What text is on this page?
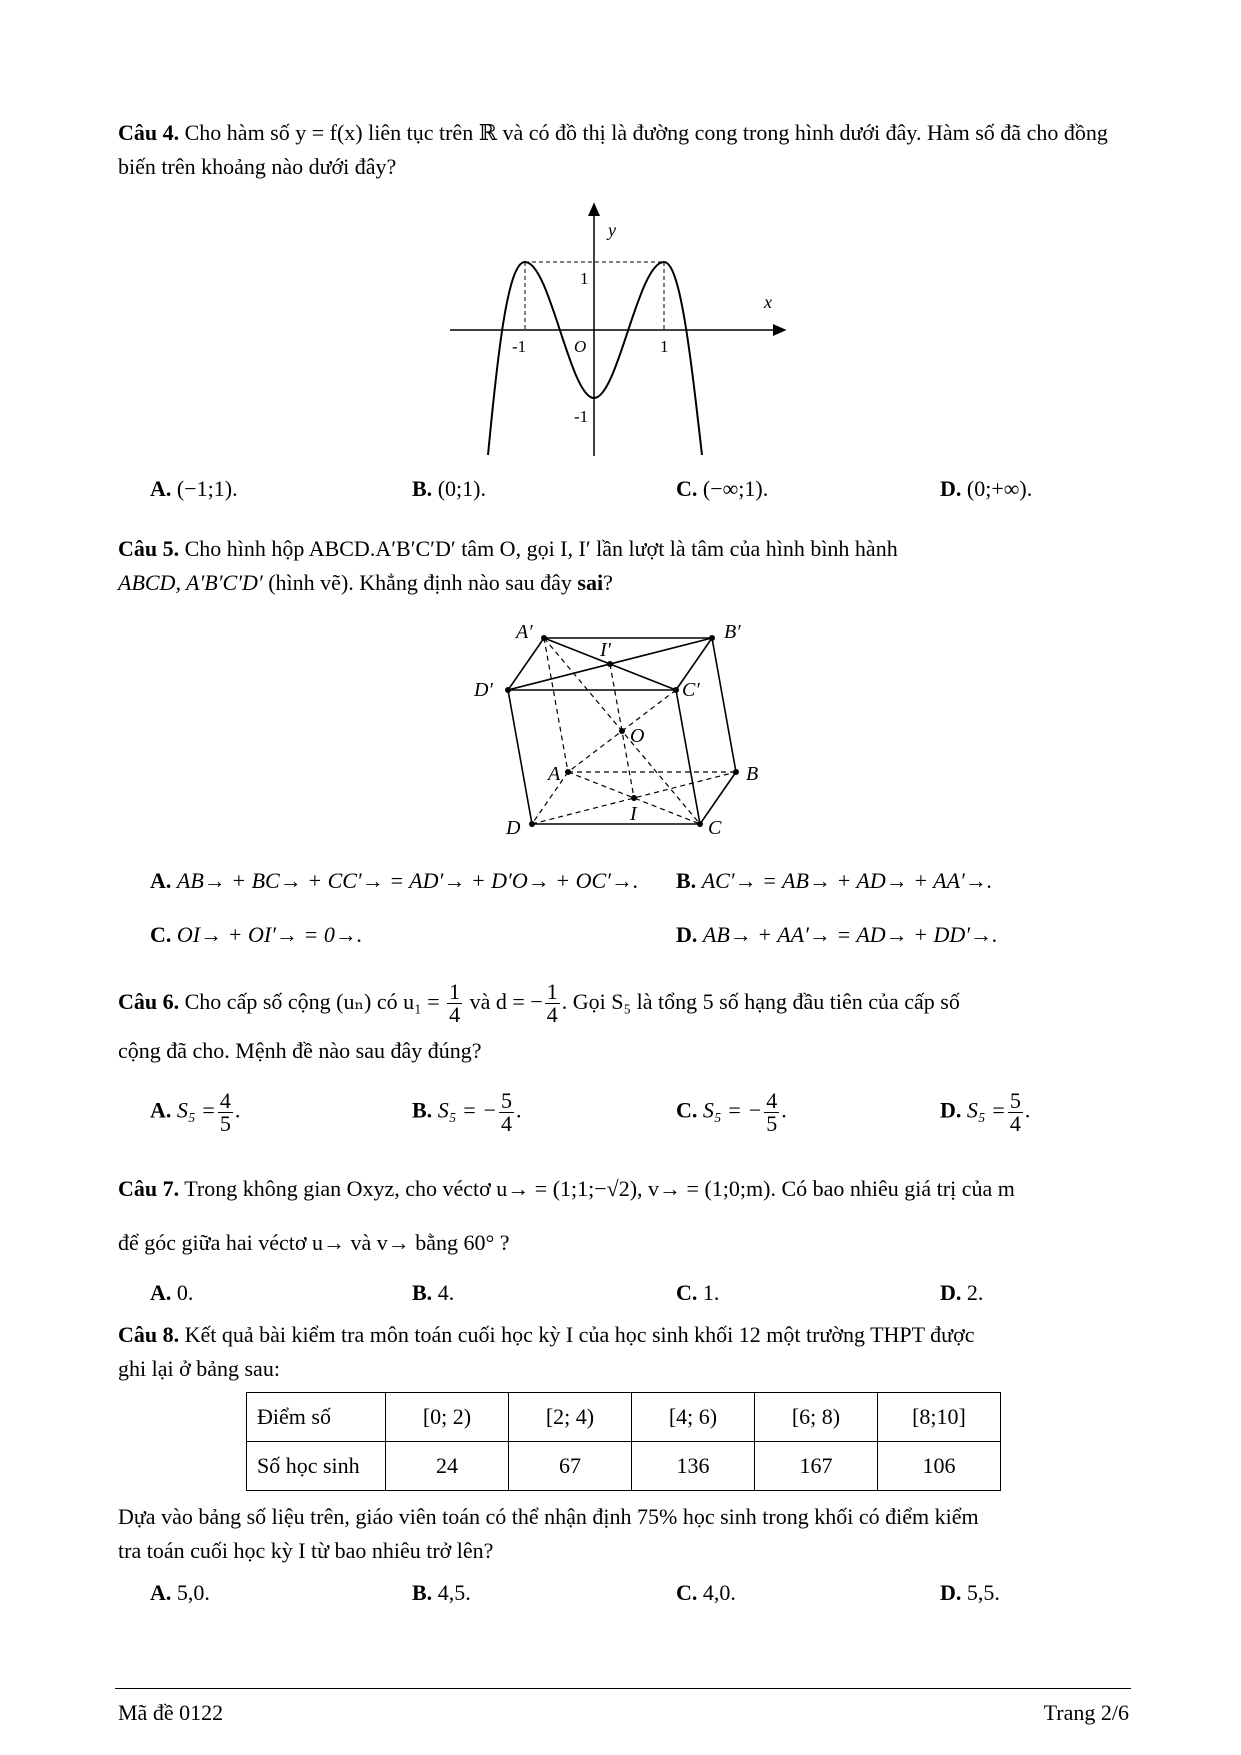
Câu 4. Cho hàm số y = f(x) liên tục trên ℝ và có đồ thị là đường cong trong hình dưới đây. Hàm số đã cho đồng biến trên khoảng nào dưới đây?
y
x
1
-1	O	1
-1
A. (−1;1).	B. (0;1).	C. (−∞;1).	D. (0;+∞).
Câu 5. Cho hình hộp ABCD.A′B′C′D′ tâm O, gọi I, I′ lần lượt là tâm của hình bình hành
ABCD, A′B′C′D′ (hình vẽ). Khẳng định nào sau đây sai?
A′	B′
I′
D′	C′
O
A	B
I
D	C
A. AB→ + BC→ + CC′→ = AD′→ + D′O→ + OC′→. B. AC′→ = AB→ + AD→ + AA′→.
C. OI→ + OI′→ = 0→.	D. AB→ + AA′→ = AD→ + DD′→.
Câu 6. Cho cấp số cộng (uₙ) có $u_1 = \frac{1}{4}$ và d = − $\frac{1}{4}$ . Gọi S₅ là tổng 5 số hạng đầu tiên của cấp số
cộng đã cho. Mệnh đề nào sau đây đúng?
A. $S_5 = \frac{4}{5}$ .	B. S₅ = − $\frac{5}{4}$ .	C. S₅ = − $\frac{4}{5}$ .	D. $S_5 = \frac{5}{4}$ .
Câu 7. Trong không gian Oxyz, cho véctơ u→ = (1;1;−√2), v→ = (1;0;m). Có bao nhiêu giá trị của m
để góc giữa hai véctơ u→ và v→ bằng 60° ?
A. 0.	B. 4.	C. 1.	D. 2.
Câu 8. Kết quả bài kiểm tra môn toán cuối học kỳ I của học sinh khối 12 một trường THPT được
ghi lại ở bảng sau:
Điểm số	[0; 2)	[2; 4)	[4; 6)	[6; 8)	[8;10]
Số học sinh	24	67	136	167	106
Dựa vào bảng số liệu trên, giáo viên toán có thể nhận định 75% học sinh trong khối có điểm kiểm
tra toán cuối học kỳ I từ bao nhiêu trở lên?
A. 5,0.	B. 4,5.	C. 4,0.	D. 5,5.
Mã đề 0122	Trang 2/6
